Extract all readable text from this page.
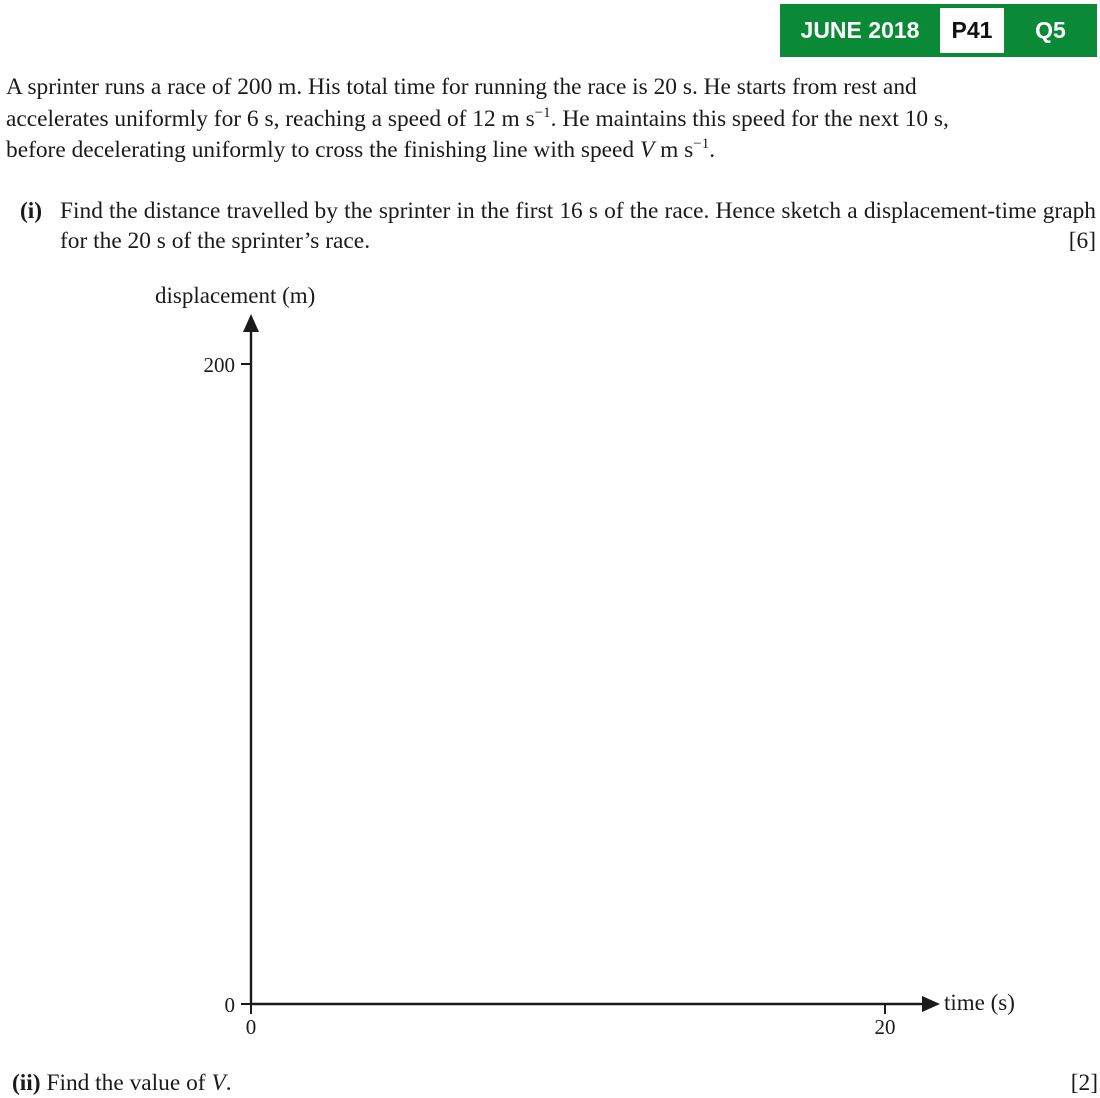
JUNE 2018	P41	Q5
A sprinter runs a race of 200 m. His total time for running the race is 20 s. He starts from rest and
accelerates uniformly for 6 s, reaching a speed of 12 m $s^{-1}$. He maintains this speed for the next 10 s,
before decelerating uniformly to cross the finishing line with speed V m $s^{-1}$.
(i) Find the distance travelled by the sprinter in the first 16 s of the race. Hence sketch a displacement-time graph for the 20 s of the sprinter’s race.	[6]
displacement (m)
200
0
0	20
time (s)
(ii) Find the value of V.	[2]
